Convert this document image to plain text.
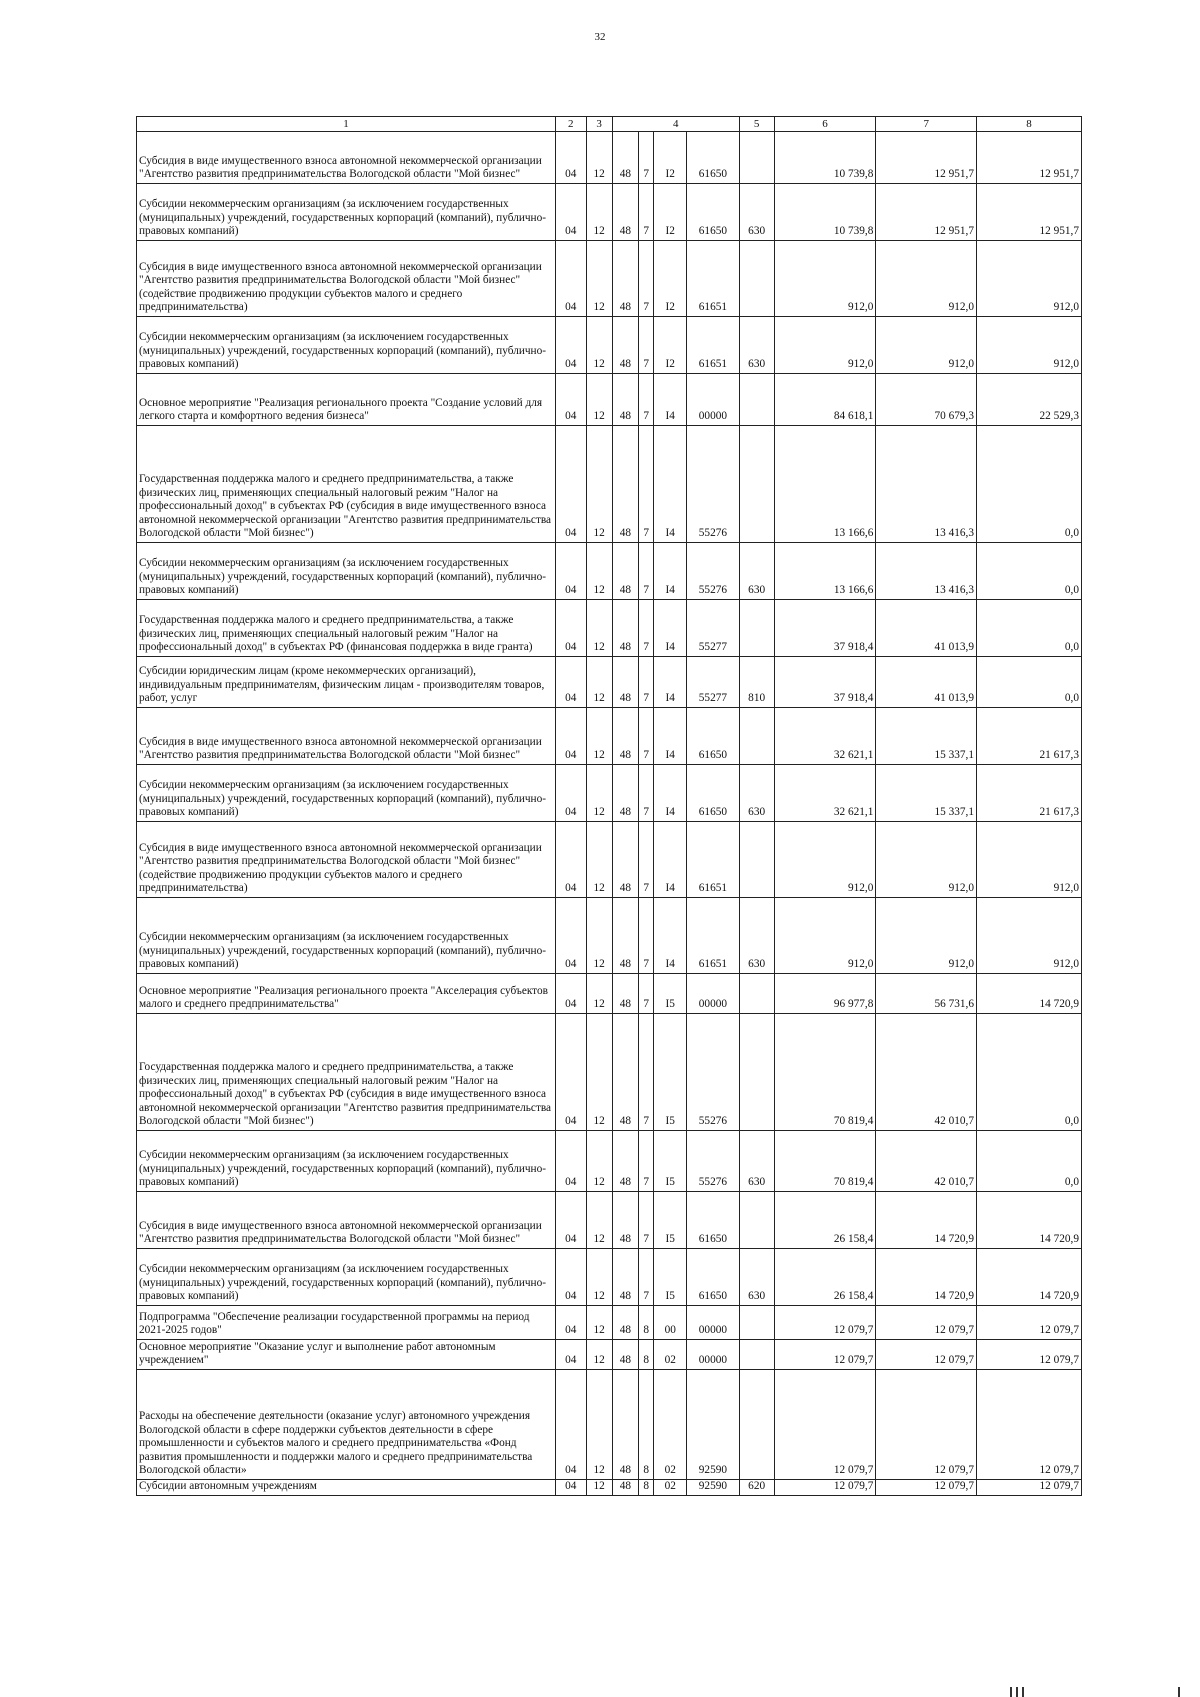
32
1	2	3	4				5	6	7	8
Субсидия в виде имущественного взноса автономной некоммерческой организации "Агентство развития предпринимательства Вологодской области "Мой бизнес"	04	12	48	7	I2	61650		10 739,8	12 951,7	12 951,7
Субсидии некоммерческим организациям (за исключением государственных (муниципальных) учреждений, государственных корпораций (компаний), публично-правовых компаний)	04	12	48	7	I2	61650	630	10 739,8	12 951,7	12 951,7
Субсидия в виде имущественного взноса автономной некоммерческой организации "Агентство развития предпринимательства Вологодской области "Мой бизнес" (содействие продвижению продукции субъектов малого и среднего предпринимательства)	04	12	48	7	I2	61651		912,0	912,0	912,0
Субсидии некоммерческим организациям (за исключением государственных (муниципальных) учреждений, государственных корпораций (компаний), публично-правовых компаний)	04	12	48	7	I2	61651	630	912,0	912,0	912,0
Основное мероприятие "Реализация регионального проекта "Создание условий для легкого старта и комфортного ведения бизнеса"	04	12	48	7	I4	00000		84 618,1	70 679,3	22 529,3
Государственная поддержка малого и среднего предпринимательства, а также физических лиц, применяющих специальный налоговый режим "Налог на профессиональный доход" в субъектах РФ (субсидия в виде имущественного взноса автономной некоммерческой организации "Агентство развития предпринимательства Вологодской области "Мой бизнес")	04	12	48	7	I4	55276		13 166,6	13 416,3	0,0
Субсидии некоммерческим организациям (за исключением государственных (муниципальных) учреждений, государственных корпораций (компаний), публично-правовых компаний)	04	12	48	7	I4	55276	630	13 166,6	13 416,3	0,0
Государственная поддержка малого и среднего предпринимательства, а также физических лиц, применяющих специальный налоговый режим "Налог на профессиональный доход" в субъектах РФ (финансовая поддержка в виде гранта)	04	12	48	7	I4	55277		37 918,4	41 013,9	0,0
Субсидии юридическим лицам (кроме некоммерческих организаций), индивидуальным предпринимателям, физическим лицам - производителям товаров, работ, услуг	04	12	48	7	I4	55277	810	37 918,4	41 013,9	0,0
Субсидия в виде имущественного взноса автономной некоммерческой организации "Агентство развития предпринимательства Вологодской области "Мой бизнес"	04	12	48	7	I4	61650		32 621,1	15 337,1	21 617,3
Субсидии некоммерческим организациям (за исключением государственных (муниципальных) учреждений, государственных корпораций (компаний), публично-правовых компаний)	04	12	48	7	I4	61650	630	32 621,1	15 337,1	21 617,3
Субсидия в виде имущественного взноса автономной некоммерческой организации "Агентство развития предпринимательства Вологодской области "Мой бизнес" (содействие продвижению продукции субъектов малого и среднего предпринимательства)	04	12	48	7	I4	61651		912,0	912,0	912,0
Субсидии некоммерческим организациям (за исключением государственных (муниципальных) учреждений, государственных корпораций (компаний), публично-правовых компаний)	04	12	48	7	I4	61651	630	912,0	912,0	912,0
Основное мероприятие "Реализация регионального проекта "Акселерация субъектов малого и среднего предпринимательства"	04	12	48	7	I5	00000		96 977,8	56 731,6	14 720,9
Государственная поддержка малого и среднего предпринимательства, а также физических лиц, применяющих специальный налоговый режим "Налог на профессиональный доход" в субъектах РФ (субсидия в виде имущественного взноса автономной некоммерческой организации "Агентство развития предпринимательства Вологодской области "Мой бизнес")	04	12	48	7	I5	55276		70 819,4	42 010,7	0,0
Субсидии некоммерческим организациям (за исключением государственных (муниципальных) учреждений, государственных корпораций (компаний), публично-правовых компаний)	04	12	48	7	I5	55276	630	70 819,4	42 010,7	0,0
Субсидия в виде имущественного взноса автономной некоммерческой организации "Агентство развития предпринимательства Вологодской области "Мой бизнес"	04	12	48	7	I5	61650		26 158,4	14 720,9	14 720,9
Субсидии некоммерческим организациям (за исключением государственных (муниципальных) учреждений, государственных корпораций (компаний), публично-правовых компаний)	04	12	48	7	I5	61650	630	26 158,4	14 720,9	14 720,9
Подпрограмма "Обеспечение реализации государственной программы на период 2021-2025 годов"	04	12	48	8	00	00000		12 079,7	12 079,7	12 079,7
Основное мероприятие "Оказание услуг и выполнение работ автономным учреждением"	04	12	48	8	02	00000		12 079,7	12 079,7	12 079,7
Расходы на обеспечение деятельности (оказание услуг) автономного учреждения Вологодской области в сфере поддержки субъектов деятельности в сфере промышленности и субъектов малого и среднего предпринимательства «Фонд развития промышленности и поддержки малого и среднего предпринимательства Вологодской области»	04	12	48	8	02	92590		12 079,7	12 079,7	12 079,7
Субсидии автономным учреждениям	04	12	48	8	02	92590	620	12 079,7	12 079,7	12 079,7
